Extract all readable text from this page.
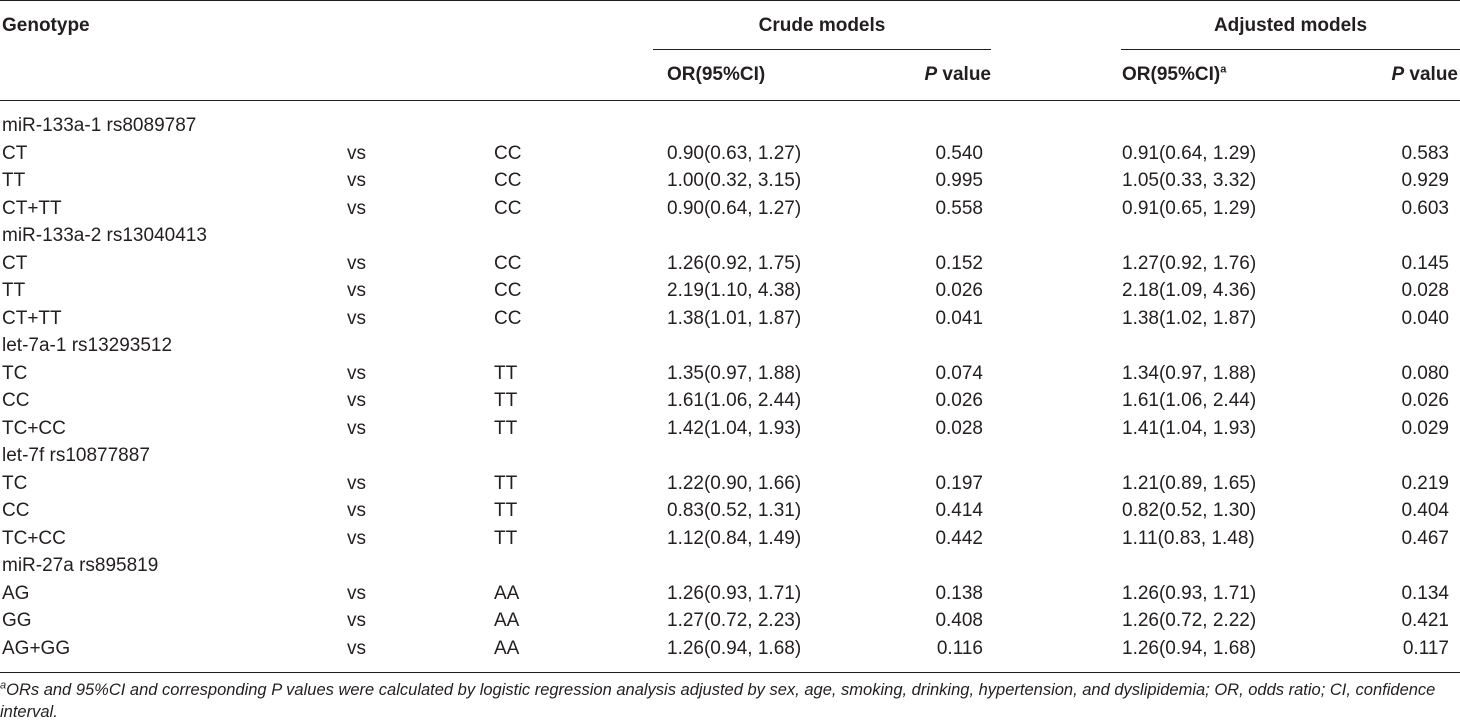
Genotype	Crude models	Adjusted models
OR(95%CI)	P value	$OR(95\%CI)^a$	P value
miR-133a-1 rs8089787
CT	vs	CC	0.90(0.63, 1.27)	0.540	0.91(0.64, 1.29)	0.583
TT	vs	CC	1.00(0.32, 3.15)	0.995	1.05(0.33, 3.32)	0.929
CT+TT	vs	CC	0.90(0.64, 1.27)	0.558	0.91(0.65, 1.29)	0.603
miR-133a-2 rs13040413
CT	vs	CC	1.26(0.92, 1.75)	0.152	1.27(0.92, 1.76)	0.145
TT	vs	CC	2.19(1.10, 4.38)	0.026	2.18(1.09, 4.36)	0.028
CT+TT	vs	CC	1.38(1.01, 1.87)	0.041	1.38(1.02, 1.87)	0.040
let-7a-1 rs13293512
TC	vs	TT	1.35(0.97, 1.88)	0.074	1.34(0.97, 1.88)	0.080
CC	vs	TT	1.61(1.06, 2.44)	0.026	1.61(1.06, 2.44)	0.026
TC+CC	vs	TT	1.42(1.04, 1.93)	0.028	1.41(1.04, 1.93)	0.029
let-7f rs10877887
TC	vs	TT	1.22(0.90, 1.66)	0.197	1.21(0.89, 1.65)	0.219
CC	vs	TT	0.83(0.52, 1.31)	0.414	0.82(0.52, 1.30)	0.404
TC+CC	vs	TT	1.12(0.84, 1.49)	0.442	1.11(0.83, 1.48)	0.467
miR-27a rs895819
AG	vs	AA	1.26(0.93, 1.71)	0.138	1.26(0.93, 1.71)	0.134
GG	vs	AA	1.27(0.72, 2.23)	0.408	1.26(0.72, 2.22)	0.421
AG+GG	vs	AA	1.26(0.94, 1.68)	0.116	1.26(0.94, 1.68)	0.117
$^a$ORs and 95%CI and corresponding P values were calculated by logistic regression analysis adjusted by sex, age, smoking, drinking, hypertension, and dyslipidemia; OR, odds ratio; CI, confidence interval.
